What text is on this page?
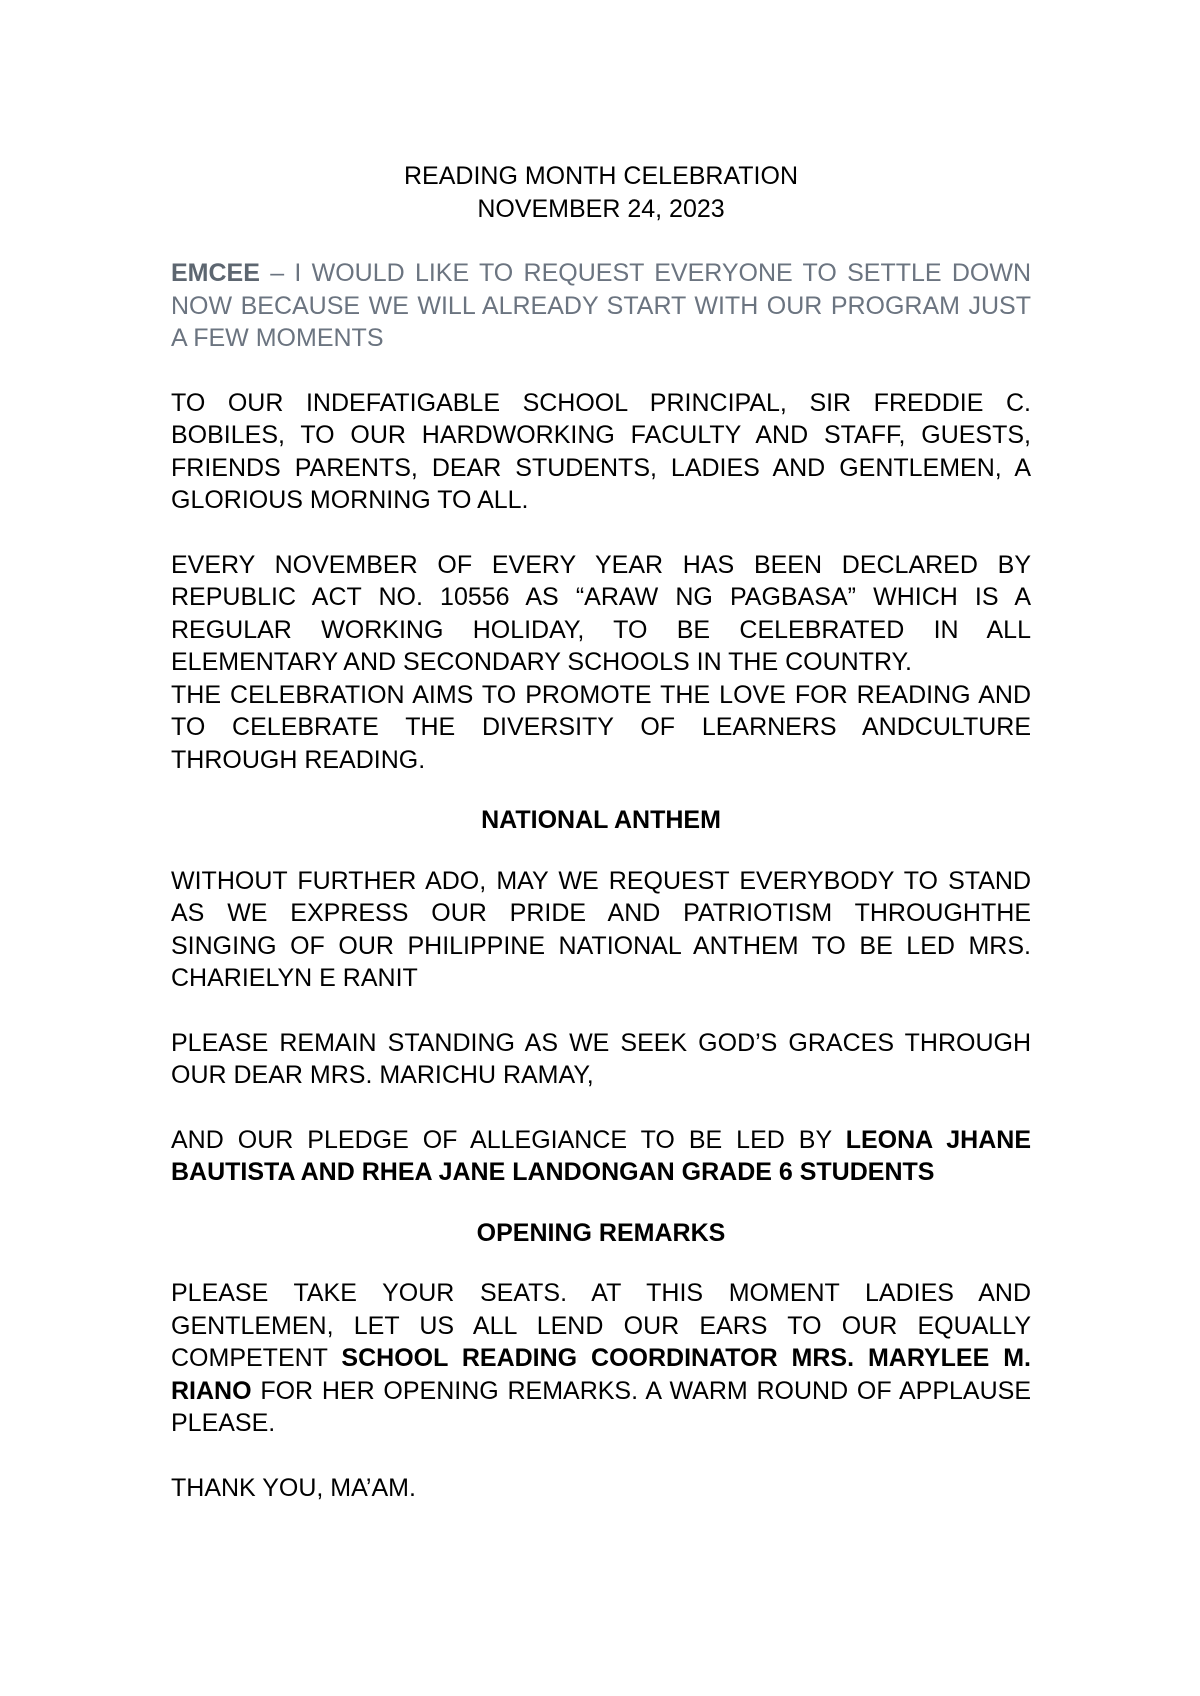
READING MONTH CELEBRATION

NOVEMBER 24, 2023

EMCEE – I WOULD LIKE TO REQUEST EVERYONE TO SETTLE DOWN NOW BECAUSE WE WILL ALREADY START WITH OUR PROGRAM JUST A FEW MOMENTS

TO OUR INDEFATIGABLE SCHOOL PRINCIPAL, SIR FREDDIE C. BOBILES, TO OUR HARDWORKING FACULTY AND STAFF, GUESTS, FRIENDS PARENTS, DEAR STUDENTS, LADIES AND GENTLEMEN, A GLORIOUS MORNING TO ALL.

EVERY NOVEMBER OF EVERY YEAR HAS BEEN DECLARED BY REPUBLIC ACT NO. 10556 AS “ARAW NG PAGBASA” WHICH IS A REGULAR WORKING HOLIDAY, TO BE CELEBRATED IN ALL ELEMENTARY AND SECONDARY SCHOOLS IN THE COUNTRY.

THE CELEBRATION AIMS TO PROMOTE THE LOVE FOR READING AND TO CELEBRATE THE DIVERSITY OF LEARNERS ANDCULTURE THROUGH READING.

NATIONAL ANTHEM

WITHOUT FURTHER ADO, MAY WE REQUEST EVERYBODY TO STAND AS WE EXPRESS OUR PRIDE AND PATRIOTISM THROUGHTHE SINGING OF OUR PHILIPPINE NATIONAL ANTHEM TO BE LED MRS. CHARIELYN E RANIT

PLEASE REMAIN STANDING AS WE SEEK GOD’S GRACES THROUGH OUR DEAR MRS. MARICHU RAMAY,

AND OUR PLEDGE OF ALLEGIANCE TO BE LED BY LEONA JHANE BAUTISTA AND RHEA JANE LANDONGAN GRADE 6 STUDENTS

OPENING REMARKS

PLEASE TAKE YOUR SEATS. AT THIS MOMENT LADIES AND GENTLEMEN, LET US ALL LEND OUR EARS TO OUR EQUALLY COMPETENT SCHOOL READING COORDINATOR MRS. MARYLEE M. RIANO FOR HER OPENING REMARKS. A WARM ROUND OF APPLAUSE PLEASE.

THANK YOU, MA’AM.
